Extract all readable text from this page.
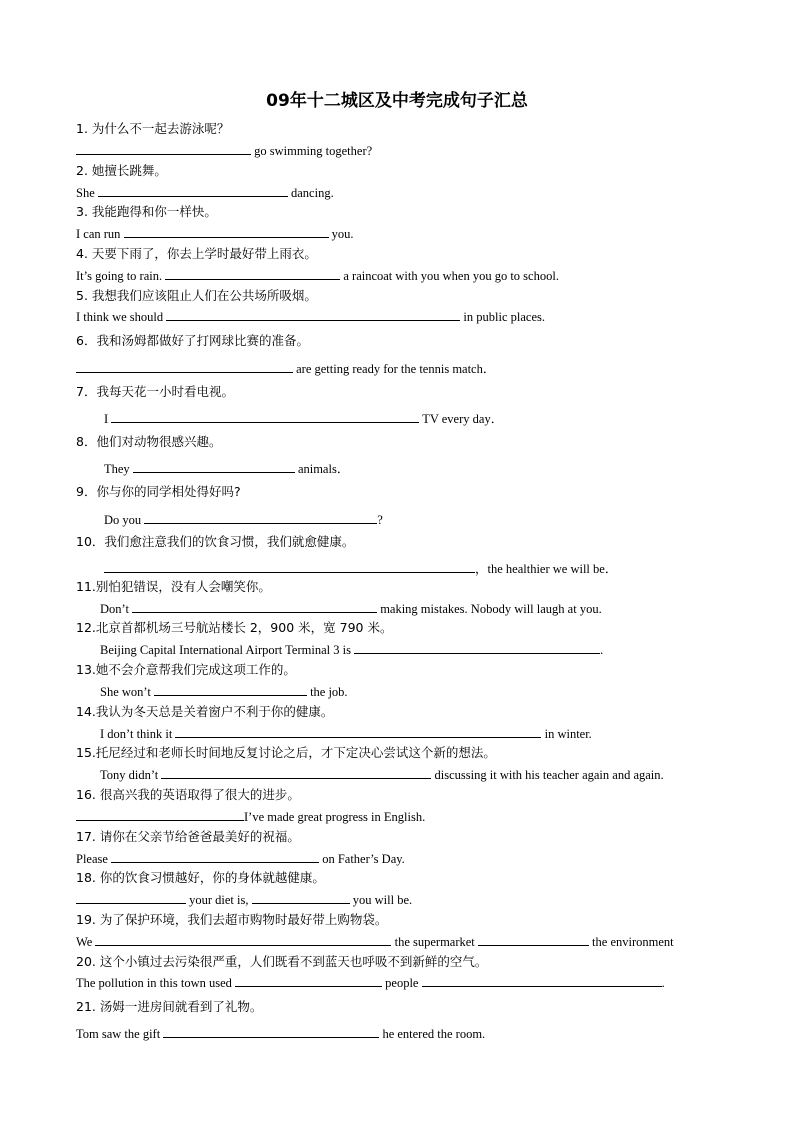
09年十二城区及中考完成句子汇总
1. 为什么不一起去游泳呢？
go swimming together?
2. 她擅长跳舞。
She	dancing.
3. 我能跑得和你一样快。
I can run	you.
4. 天要下雨了，你去上学时最好带上雨衣。
It’s going to rain.	a raincoat with you when you go to school.
5. 我想我们应该阻止人们在公共场所吸烟。
I think we should	in public places.
6．我和汤姆都做好了打网球比赛的准备。
are getting ready for the tennis match．
7．我每天花一小时看电视。
I	TV every day．
8．他们对动物很感兴趣。
They	animals．
9．你与你的同学相处得好吗?
Do you	?
10．我们愈注意我们的饮食习惯，我们就愈健康。
，the healthier we will be．
11.别怕犯错误，没有人会嘲笑你。
Don’t	making mistakes. Nobody will laugh at you.
12.北京首都机场三号航站楼长 2，900 米，宽 790 米。
Beijing Capital International Airport Terminal 3 is	.
13.她不会介意帮我们完成这项工作的。
She won’t	the job.
14.我认为冬天总是关着窗户不利于你的健康。
I don’t think it	in winter.
15.托尼经过和老师长时间地反复讨论之后，才下定决心尝试这个新的想法。
Tony didn’t	discussing it with his teacher again and again.
16. 很高兴我的英语取得了很大的进步。
I’ve made great progress in English.
17. 请你在父亲节给爸爸最美好的祝福。
Please	on Father’s Day.
18. 你的饮食习惯越好，你的身体就越健康。
your diet is,	you will be.
19. 为了保护环境，我们去超市购物时最好带上购物袋。
We	the supermarket	the environment
20. 这个小镇过去污染很严重，人们既看不到蓝天也呼吸不到新鲜的空气。
The pollution in this town used	people	.
21. 汤姆一进房间就看到了礼物。
Tom saw the gift	he entered the room.
